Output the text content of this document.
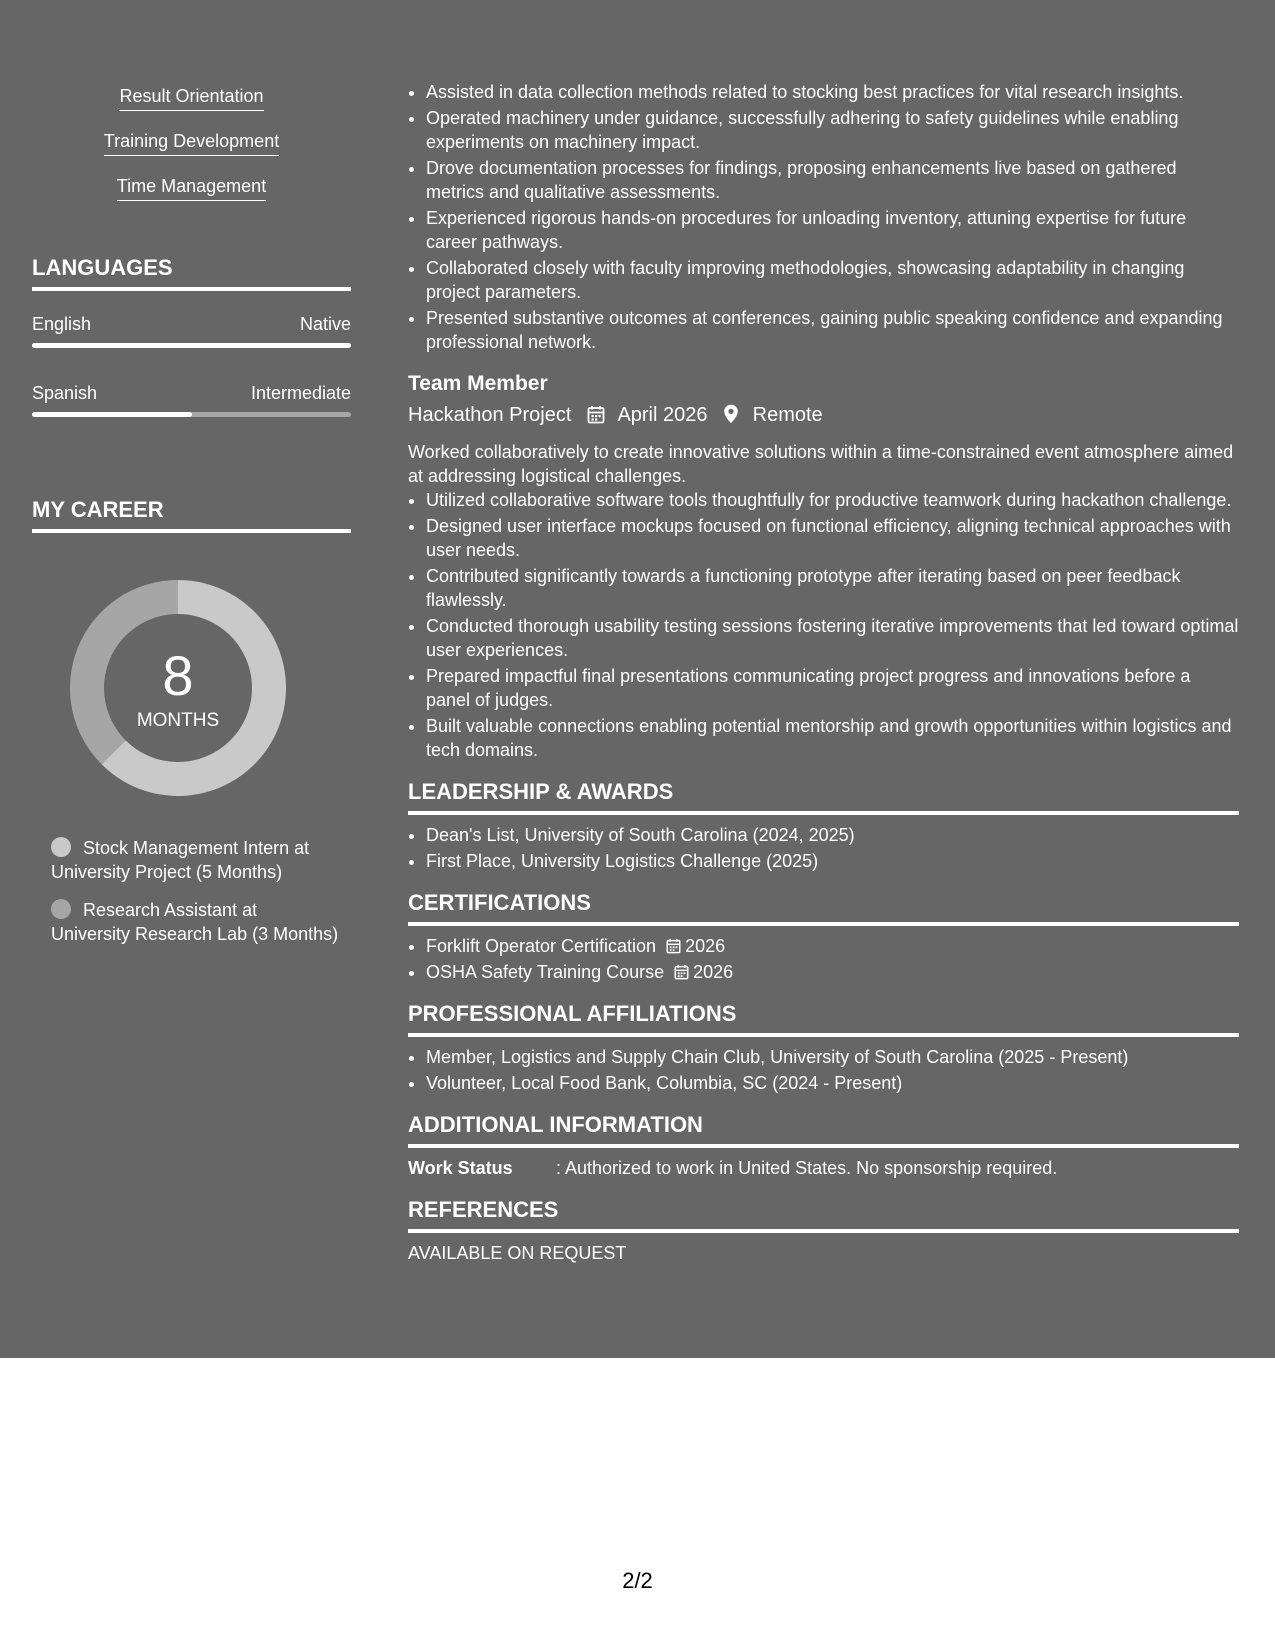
Result Orientation
Training Development
Time Management
LANGUAGES
English	Native
Spanish	Intermediate
MY CAREER
8
MONTHS
Stock Management Intern at University Project (5 Months)
Research Assistant at University Research Lab (3 Months)
• Assisted in data collection methods related to stocking best practices for vital research insights.
• Operated machinery under guidance, successfully adhering to safety guidelines while enabling experiments on machinery impact.
• Drove documentation processes for findings, proposing enhancements live based on gathered metrics and qualitative assessments.
• Experienced rigorous hands-on procedures for unloading inventory, attuning expertise for future career pathways.
• Collaborated closely with faculty improving methodologies, showcasing adaptability in changing project parameters.
• Presented substantive outcomes at conferences, gaining public speaking confidence and expanding professional network.
Team Member
Hackathon Project April 2026 Remote
Worked collaboratively to create innovative solutions within a time-constrained event atmosphere aimed at addressing logistical challenges.
• Utilized collaborative software tools thoughtfully for productive teamwork during hackathon challenge.
• Designed user interface mockups focused on functional efficiency, aligning technical approaches with user needs.
• Contributed significantly towards a functioning prototype after iterating based on peer feedback flawlessly.
• Conducted thorough usability testing sessions fostering iterative improvements that led toward optimal user experiences.
• Prepared impactful final presentations communicating project progress and innovations before a panel of judges.
• Built valuable connections enabling potential mentorship and growth opportunities within logistics and tech domains.
LEADERSHIP & AWARDS
• Dean's List, University of South Carolina (2024, 2025)
• First Place, University Logistics Challenge (2025)
CERTIFICATIONS
• Forklift Operator Certification 2026
• OSHA Safety Training Course 2026
PROFESSIONAL AFFILIATIONS
• Member, Logistics and Supply Chain Club, University of South Carolina (2025 - Present)
• Volunteer, Local Food Bank, Columbia, SC (2024 - Present)
ADDITIONAL INFORMATION
Work Status : Authorized to work in United States. No sponsorship required.
REFERENCES
AVAILABLE ON REQUEST
2/2
